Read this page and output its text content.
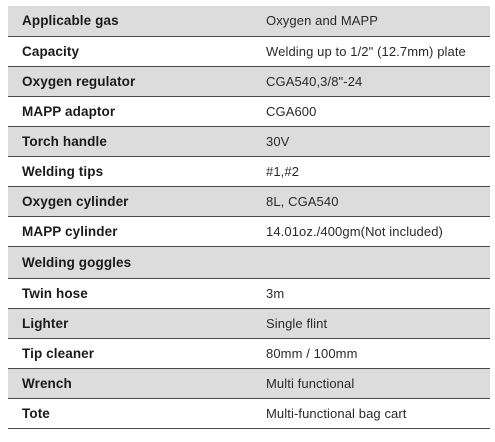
Applicable gas	Oxygen and MAPP
Capacity	Welding up to 1/2" (12.7mm) plate
Oxygen regulator	CGA540,3/8"-24
MAPP adaptor	CGA600
Torch handle	30V
Welding tips	#1,#2
Oxygen cylinder	8L, CGA540
MAPP cylinder	14.01oz./400gm(Not included)
Welding goggles	
Twin hose	3m
Lighter	Single flint
Tip cleaner	80mm / 100mm
Wrench	Multi functional
Tote	Multi-functional bag cart
